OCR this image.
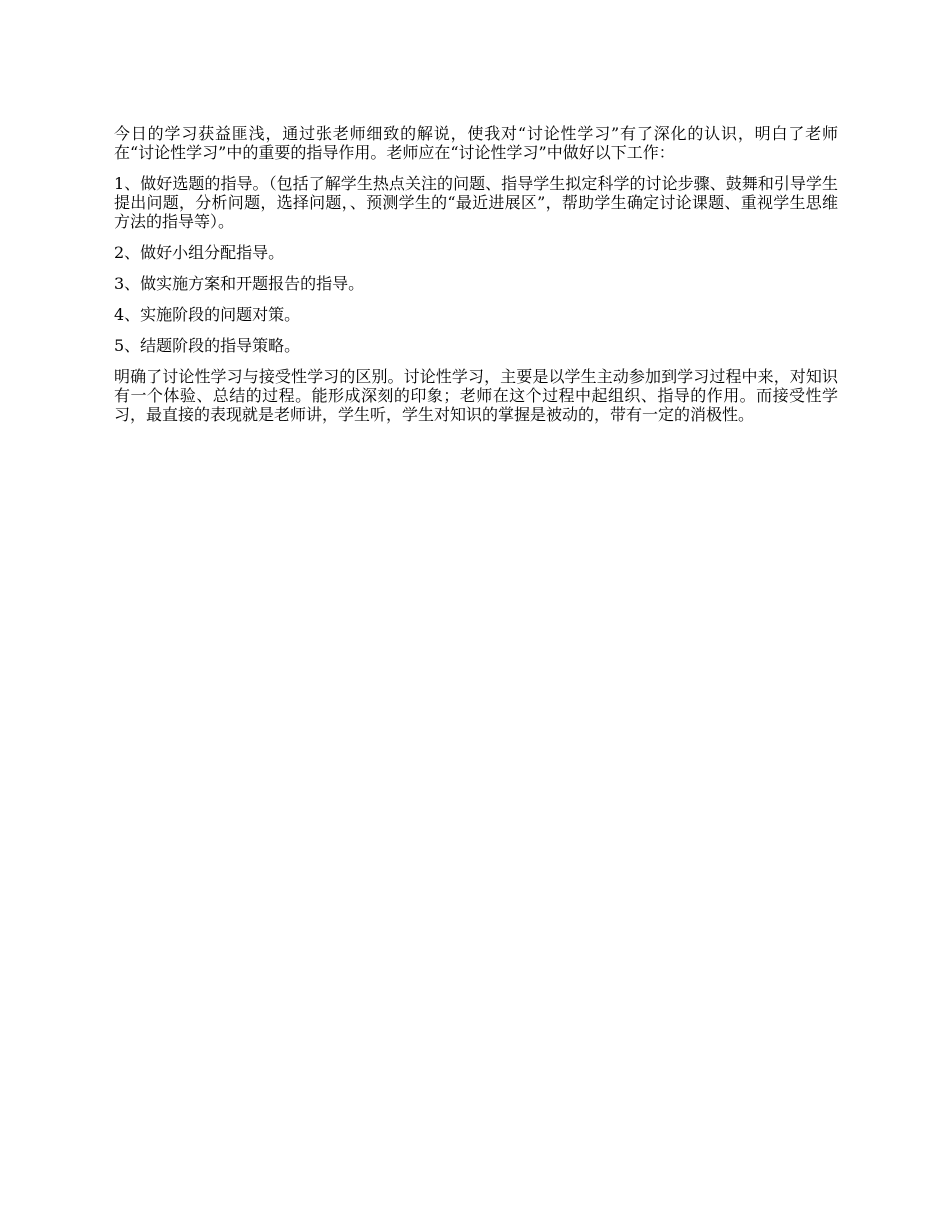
今日的学习获益匪浅，通过张老师细致的解说，使我对“讨论性学习”有了深化的认识，明白了老师在“讨论性学习”中的重要的指导作用。老师应在“讨论性学习”中做好以下工作：

1、做好选题的指导。（包括了解学生热点关注的问题、指导学生拟定科学的讨论步骤、鼓舞和引导学生提出问题，分析问题，选择问题，、预测学生的“最近进展区”，帮助学生确定讨论课题、重视学生思维方法的指导等）。

2、做好小组分配指导。

3、做实施方案和开题报告的指导。

4、实施阶段的问题对策。

5、结题阶段的指导策略。

明确了讨论性学习与接受性学习的区别。讨论性学习，主要是以学生主动参加到学习过程中来，对知识有一个体验、总结的过程。能形成深刻的印象；老师在这个过程中起组织、指导的作用。而接受性学习，最直接的表现就是老师讲，学生听，学生对知识的掌握是被动的，带有一定的消极性。
